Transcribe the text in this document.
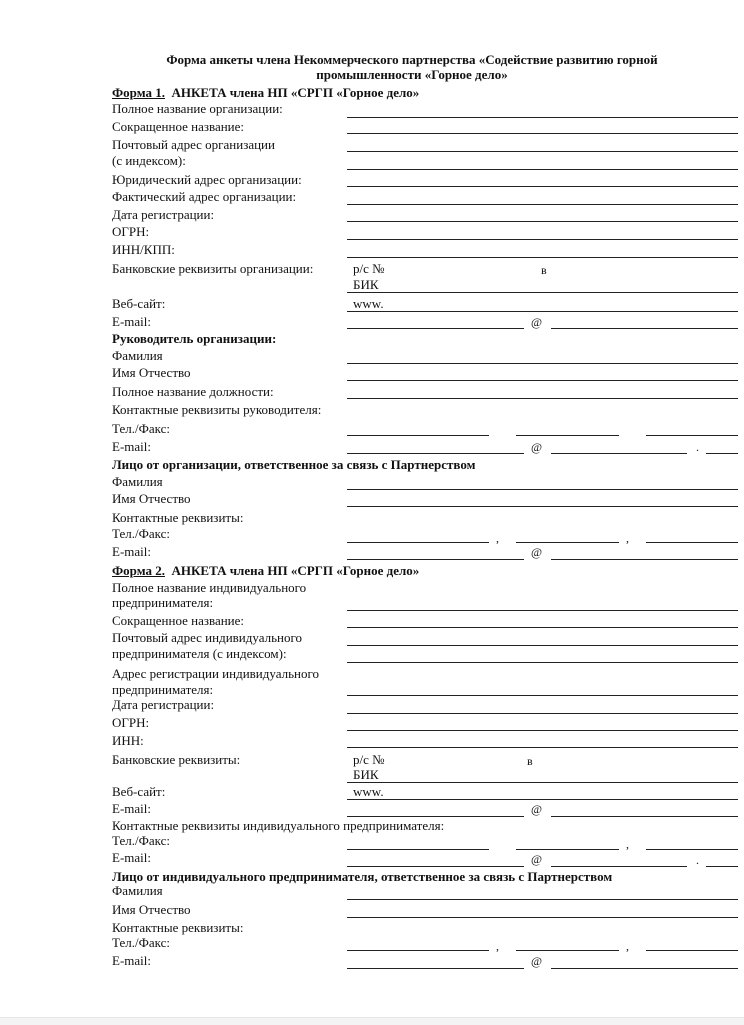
Форма анкеты члена Некоммерческого партнерства «Содействие развитию горной
промышленности «Горное дело»
Форма 1. АНКЕТА члена НП «СРГП «Горное дело»
Полное название организации:
Сокращенное название:
Почтовый адрес организации
(с индексом):
Юридический адрес организации:
Фактический адрес организации:
Дата регистрации:
ОГРН:
ИНН/КПП:
Банковские реквизиты организации:	р/с №	в
БИК
Веб-сайт:	www.
E-mail:	@
Руководитель организации:
Фамилия
Имя Отчество
Полное название должности:
Контактные реквизиты руководителя:
Тел./Факс:
E-mail:	@	.
Лицо от организации, ответственное за связь с Партнерством
Фамилия
Имя Отчество
Контактные реквизиты:
Тел./Факс:	,	,
E-mail:	@
Форма 2. АНКЕТА члена НП «СРГП «Горное дело»
Полное название индивидуального
предпринимателя:
Сокращенное название:
Почтовый адрес индивидуального
предпринимателя (с индексом):
Адрес регистрации индивидуального
предпринимателя:
Дата регистрации:
ОГРН:
ИНН:
Банковские реквизиты:	р/с №	в
БИК
Веб-сайт:	www.
E-mail:	@
Контактные реквизиты индивидуального предпринимателя:
Тел./Факс:	,
E-mail:	@	.
Лицо от индивидуального предпринимателя, ответственное за связь с Партнерством
Фамилия
Имя Отчество
Контактные реквизиты:
Тел./Факс:	,	,
E-mail:	@
